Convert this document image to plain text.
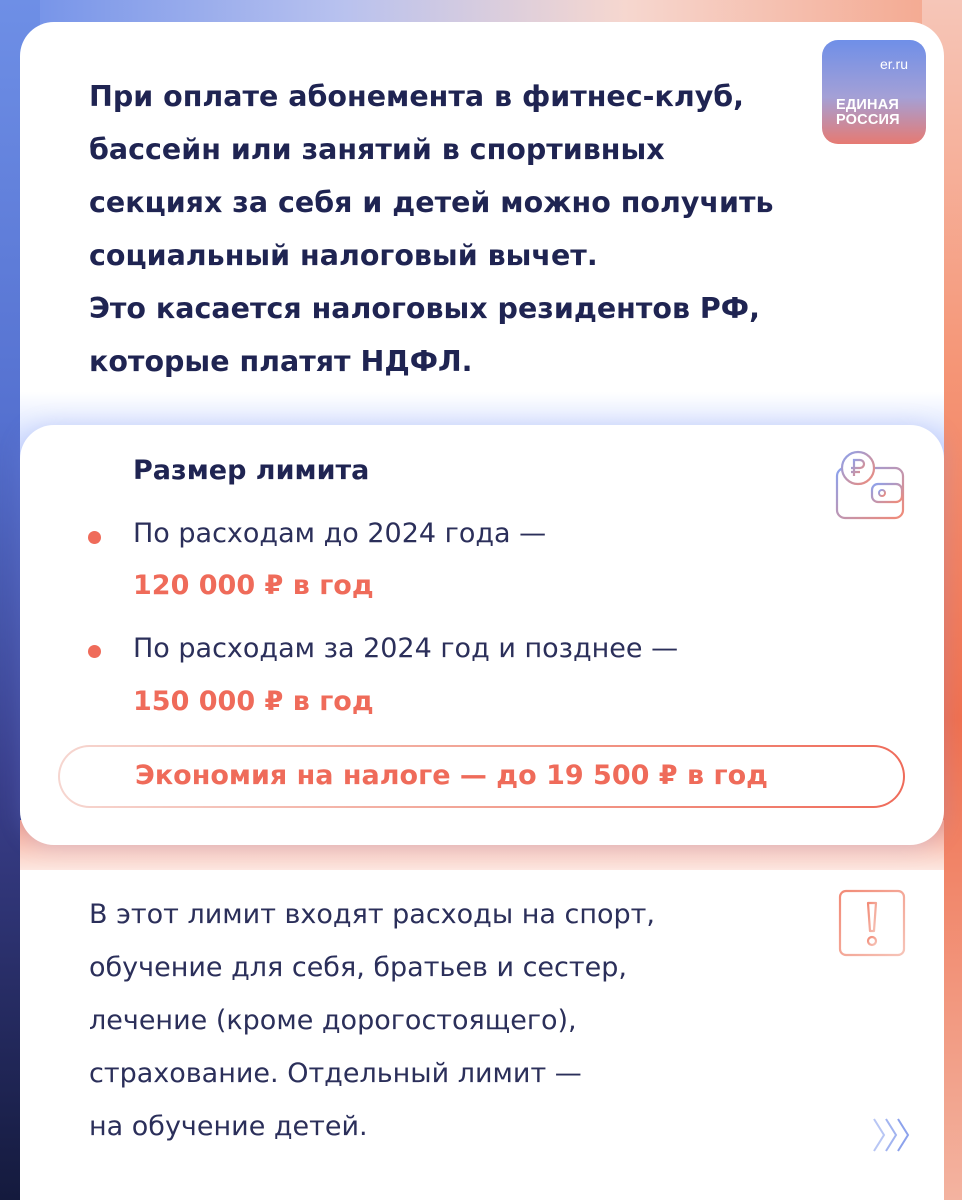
er.ru
ЕДИНАЯ
РОССИЯ
При оплате абонемента в фитнес-клуб,
бассейн или занятий в спортивных
секциях за себя и детей можно получить
социальный налоговый вычет.
Это касается налоговых резидентов РФ,
которые платят НДФЛ.
Размер лимита
По расходам до 2024 года —
120 000 ₽ в год
По расходам за 2024 год и позднее —
150 000 ₽ в год
Экономия на налоге — до 19 500 ₽ в год
В этот лимит входят расходы на спорт,
обучение для себя, братьев и сестер,
лечение (кроме дорогостоящего),
страхование. Отдельный лимит —
на обучение детей.
